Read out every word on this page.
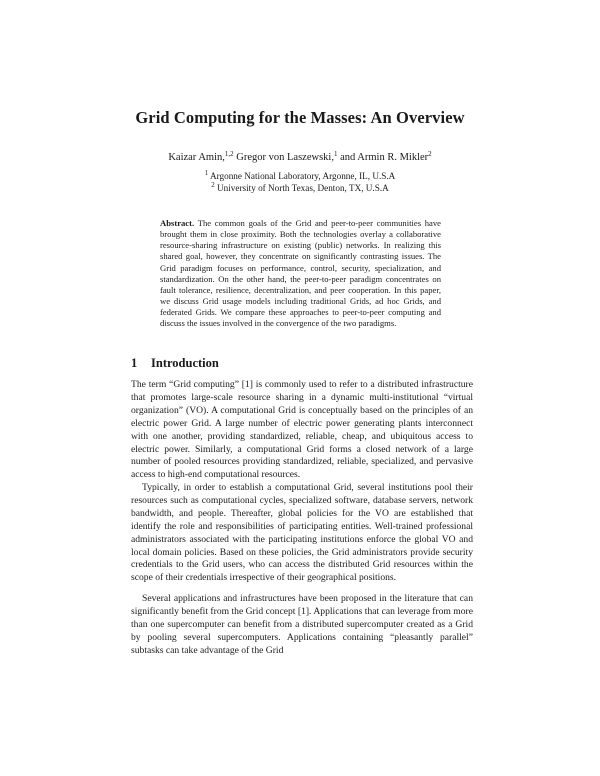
Grid Computing for the Masses: An Overview
Kaizar Amin,$^{1,2}$ Gregor von Laszewski,$^1$ and Armin R. Mikler$^2$
$^1$ Argonne National Laboratory, Argonne, IL, U.S.A
$^2$ University of North Texas, Denton, TX, U.S.A

Abstract. The common goals of the Grid and peer-to-peer communities have brought them in close proximity. Both the technologies overlay a collaborative resource-sharing infrastructure on existing (public) networks. In realizing this shared goal, however, they concentrate on significantly contrasting issues. The Grid paradigm focuses on performance, control, security, specialization, and standardization. On the other hand, the peer-to-peer paradigm concentrates on fault tolerance, resilience, decentralization, and peer cooperation. In this paper, we discuss Grid usage models including traditional Grids, ad hoc Grids, and federated Grids. We compare these approaches to peer-to-peer computing and discuss the issues involved in the convergence of the two paradigms.

1 Introduction

The term “Grid computing” [1] is commonly used to refer to a distributed infrastructure that promotes large-scale resource sharing in a dynamic multi-institutional “virtual organization” (VO). A computational Grid is conceptually based on the principles of an electric power Grid. A large number of electric power generating plants interconnect with one another, providing standardized, reliable, cheap, and ubiquitous access to electric power. Similarly, a computational Grid forms a closed network of a large number of pooled resources providing standardized, reliable, specialized, and pervasive access to high-end computational resources.

Typically, in order to establish a computational Grid, several institutions pool their resources such as computational cycles, specialized software, database servers, network bandwidth, and people. Thereafter, global policies for the VO are established that identify the role and responsibilities of participating entities. Well-trained professional administrators associated with the participating institutions enforce the global VO and local domain policies. Based on these policies, the Grid administrators provide security credentials to the Grid users, who can access the distributed Grid resources within the scope of their credentials irrespective of their geographical positions.

Several applications and infrastructures have been proposed in the literature that can significantly benefit from the Grid concept [1]. Applications that can leverage from more than one supercomputer can benefit from a distributed supercomputer created as a Grid by pooling several supercomputers. Applications containing “pleasantly parallel” subtasks can take advantage of the Grid
